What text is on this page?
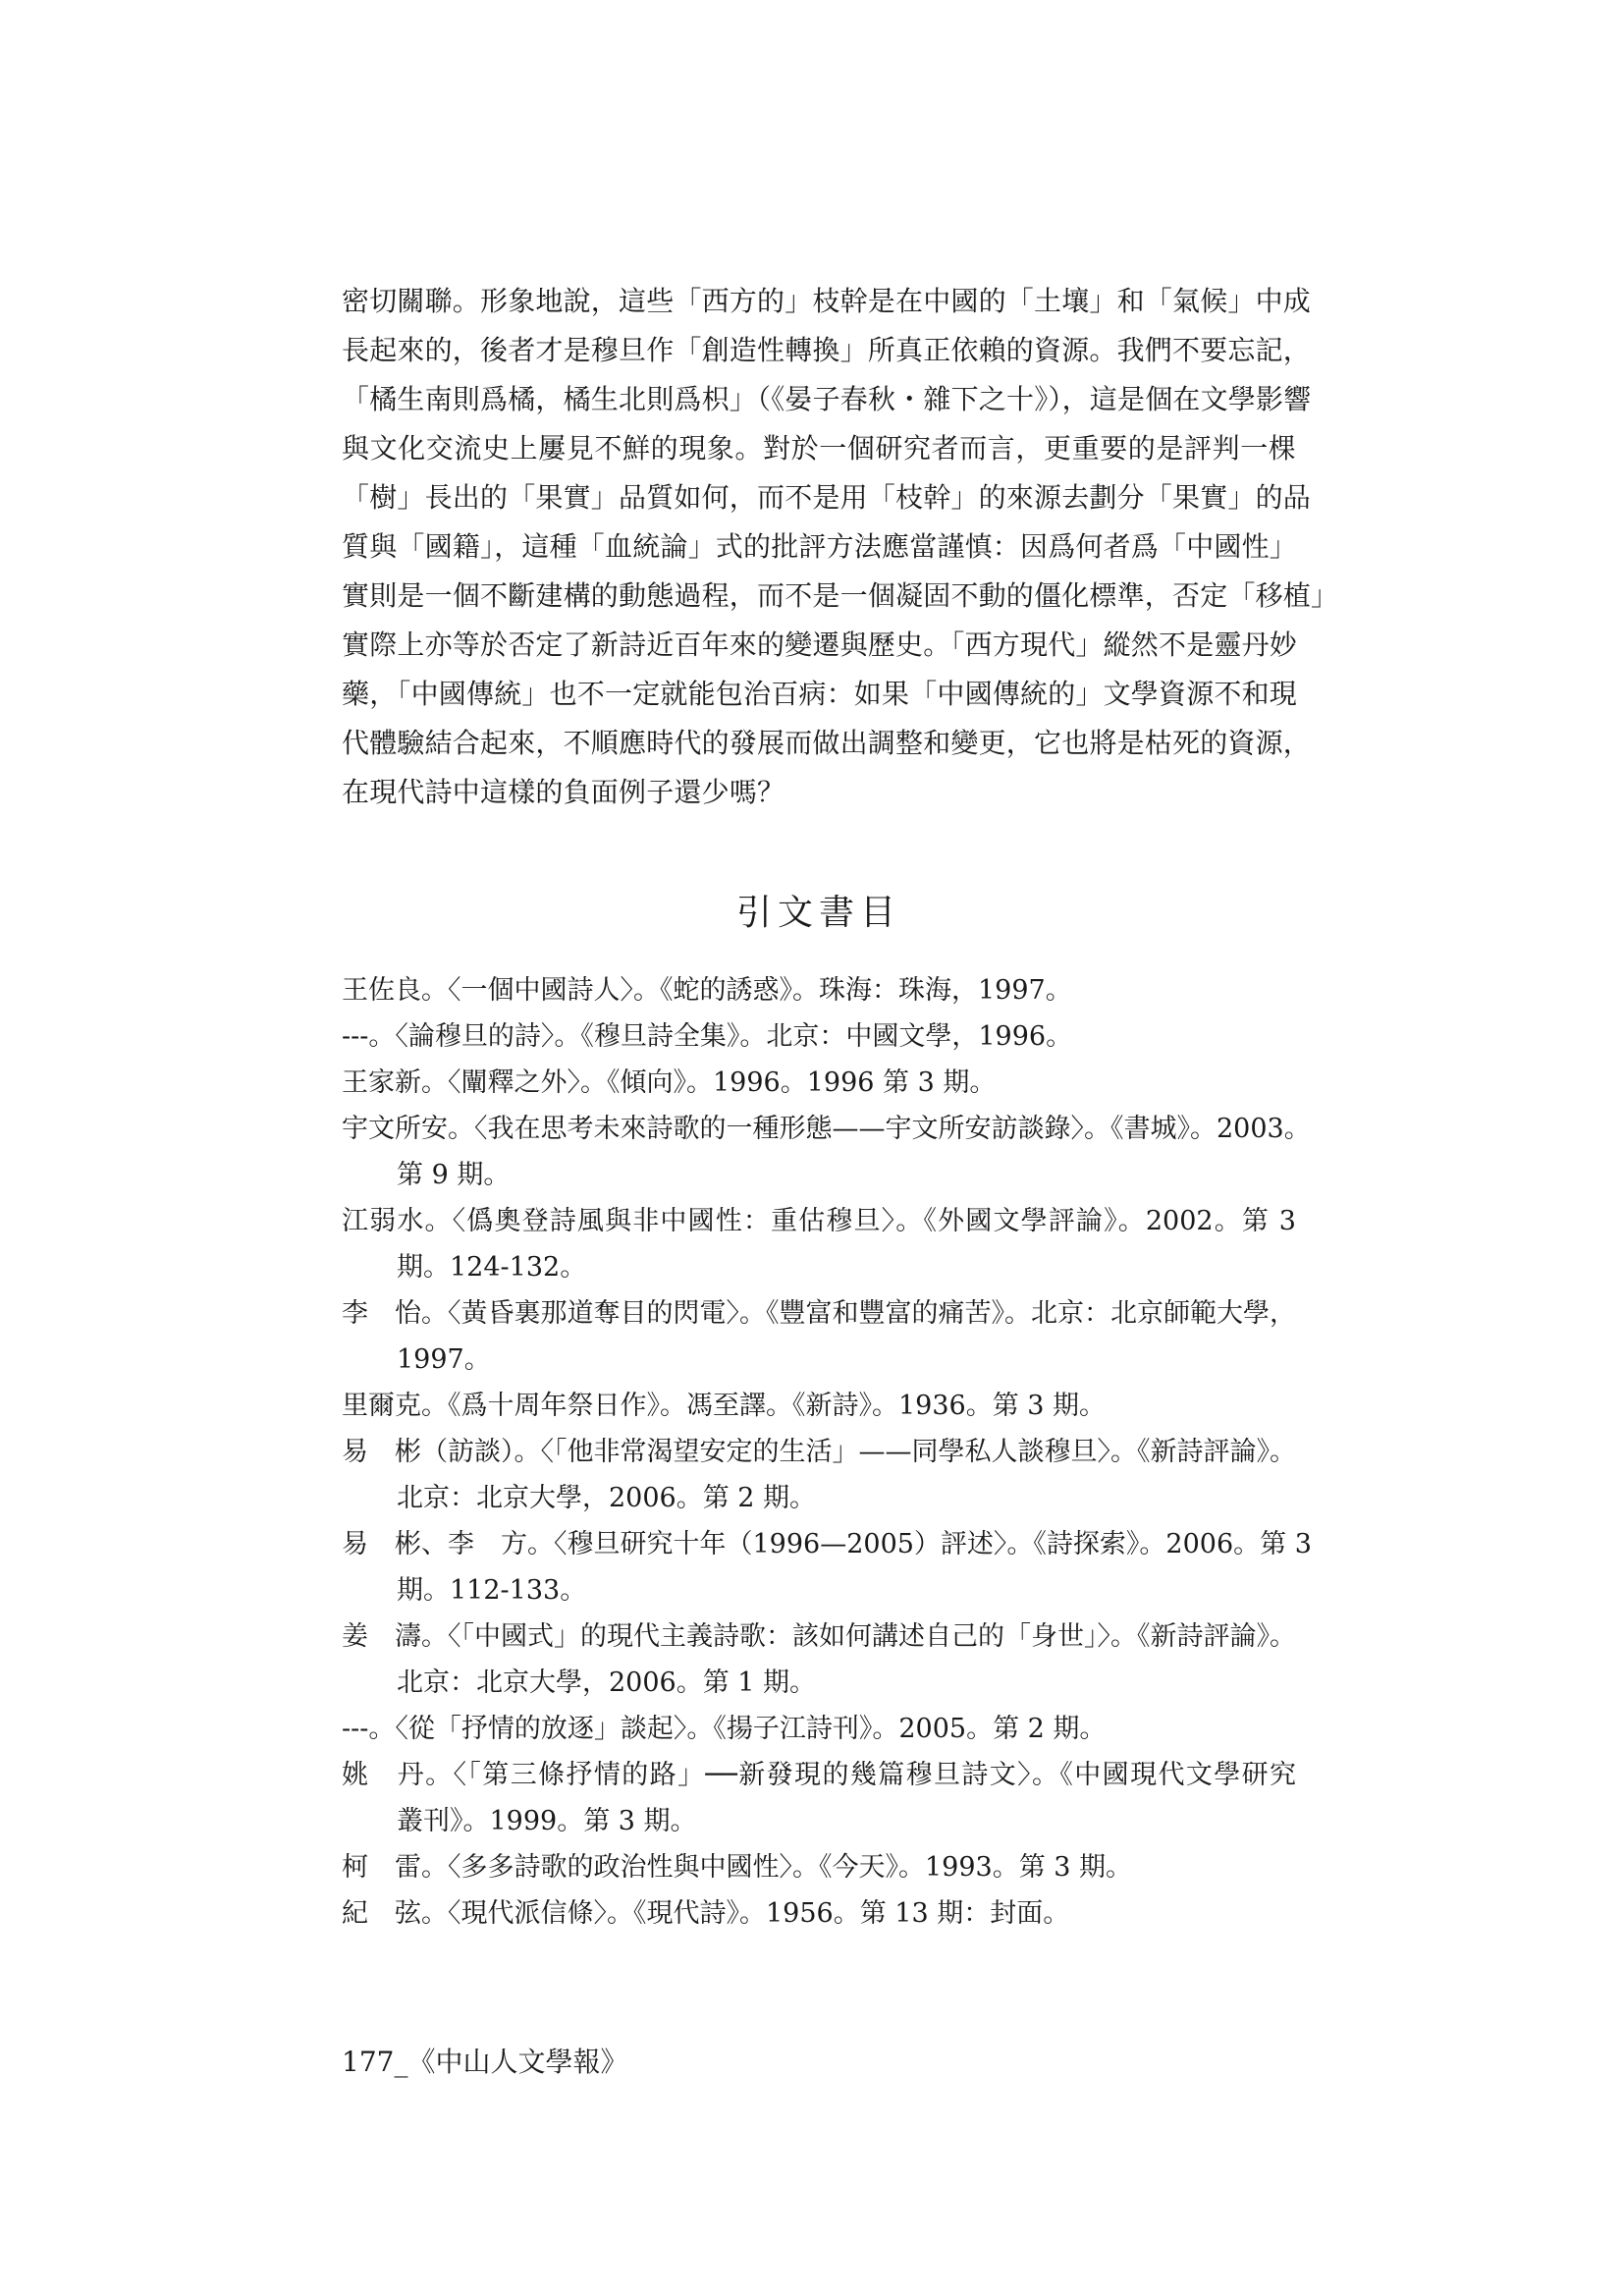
密切關聯。形象地說，這些「西方的」枝幹是在中國的「土壤」和「氣候」中成
長起來的，後者才是穆旦作「創造性轉換」所真正依賴的資源。我們不要忘記，
「橘生南則爲橘，橘生北則爲枳」（《晏子春秋・雜下之十》），這是個在文學影響
與文化交流史上屢見不鮮的現象。對於一個研究者而言，更重要的是評判一棵
「樹」長出的「果實」品質如何，而不是用「枝幹」的來源去劃分「果實」的品
質與「國籍」，這種「血統論」式的批評方法應當謹慎：因爲何者爲「中國性」
實則是一個不斷建構的動態過程，而不是一個凝固不動的僵化標準，否定「移植」
實際上亦等於否定了新詩近百年來的變遷與歷史。「西方現代」縱然不是靈丹妙
藥，「中國傳統」也不一定就能包治百病：如果「中國傳統的」文學資源不和現
代體驗結合起來，不順應時代的發展而做出調整和變更，它也將是枯死的資源，
在現代詩中這樣的負面例子還少嗎？
引文書目
王佐良。〈一個中國詩人〉。《蛇的誘惑》。珠海：珠海，1997。
---。〈論穆旦的詩〉。《穆旦詩全集》。北京：中國文學，1996。
王家新。〈闡釋之外〉。《傾向》。1996。1996 第 3 期。
宇文所安。〈我在思考未來詩歌的一種形態——宇文所安訪談錄〉。《書城》。2003。
第 9 期。
江弱水。〈僞奧登詩風與非中國性：重估穆旦〉。《外國文學評論》。2002。第 3
期。124-132。
李　怡。〈黃昏裏那道奪目的閃電〉。《豐富和豐富的痛苦》。北京：北京師範大學，
1997。
里爾克。《爲十周年祭日作》。馮至譯。《新詩》。1936。第 3 期。
易　彬（訪談）。〈「他非常渴望安定的生活」——同學私人談穆旦〉。《新詩評論》。
北京：北京大學，2006。第 2 期。
易　彬、李　方。〈穆旦研究十年（1996—2005）評述〉。《詩探索》。2006。第 3
期。112-133。
姜　濤。〈「中國式」的現代主義詩歌：該如何講述自己的「身世」〉。《新詩評論》。
北京：北京大學，2006。第 1 期。
---。〈從「抒情的放逐」談起〉。《揚子江詩刊》。2005。第 2 期。
姚　丹。〈「第三條抒情的路」──新發現的幾篇穆旦詩文〉。《中國現代文學研究
叢刊》。1999。第 3 期。
柯　雷。〈多多詩歌的政治性與中國性〉。《今天》。1993。第 3 期。
紀　弦。〈現代派信條〉。《現代詩》。1956。第 13 期：封面。
177_《中山人文學報》
